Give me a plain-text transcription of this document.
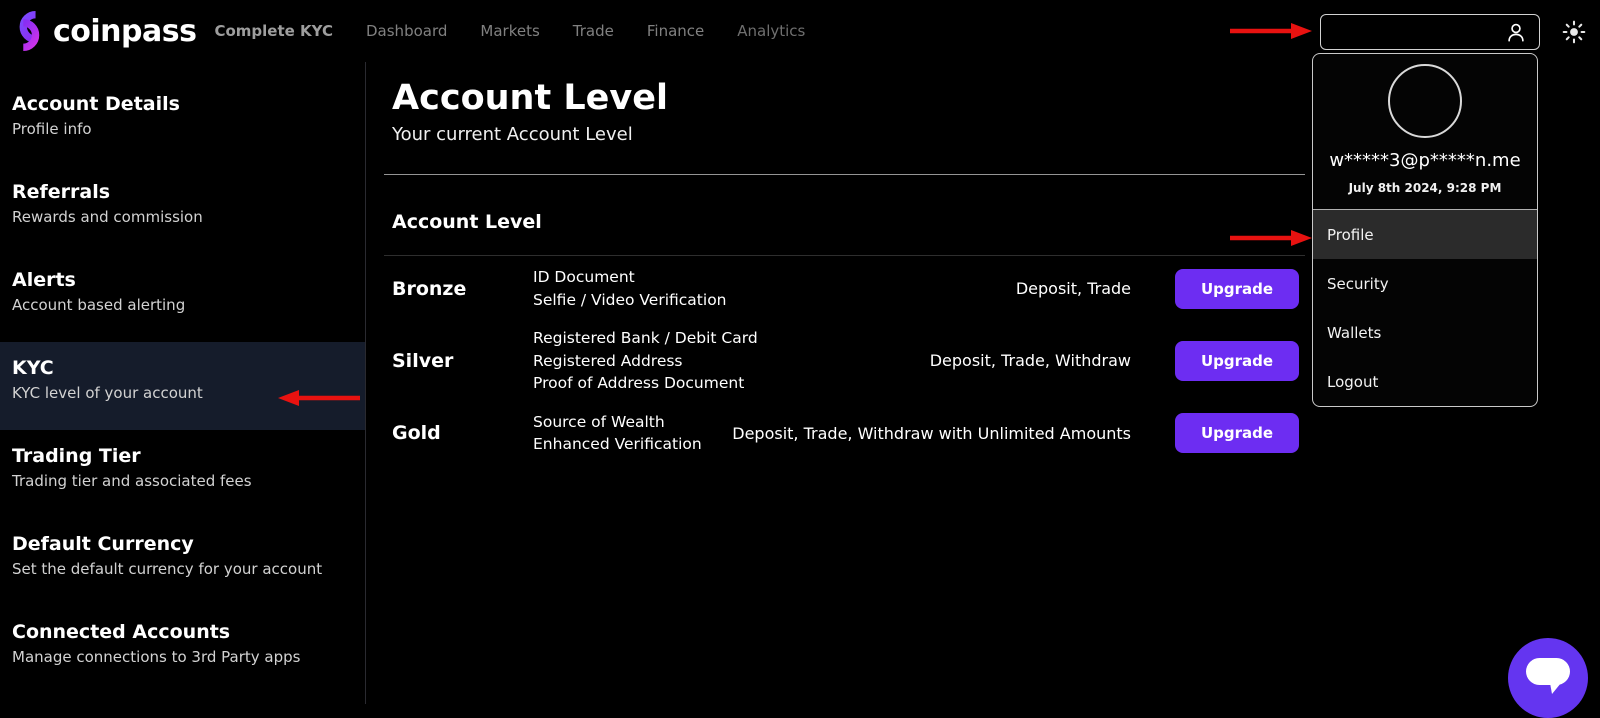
coinpass Complete KYC Dashboard Markets Trade Finance Analytics
Account Details
Profile info
Referrals
Rewards and commission
Alerts
Account based alerting
KYC
KYC level of your account
Trading Tier
Trading tier and associated fees
Default Currency
Set the default currency for your account
Connected Accounts
Manage connections to 3rd Party apps
Account Level
Your current Account Level
Account Level
Bronze
ID Document
Selfie / Video Verification
Deposit, Trade	Upgrade
Silver
Registered Bank / Debit Card
Registered Address
Proof of Address Document
Deposit, Trade, Withdraw	Upgrade
Gold
Source of Wealth
Enhanced Verification
Deposit, Trade, Withdraw with Unlimited Amounts	Upgrade
w*****3@p*****n.me
July 8th 2024, 9:28 PM
Profile
Security
Wallets
Logout
